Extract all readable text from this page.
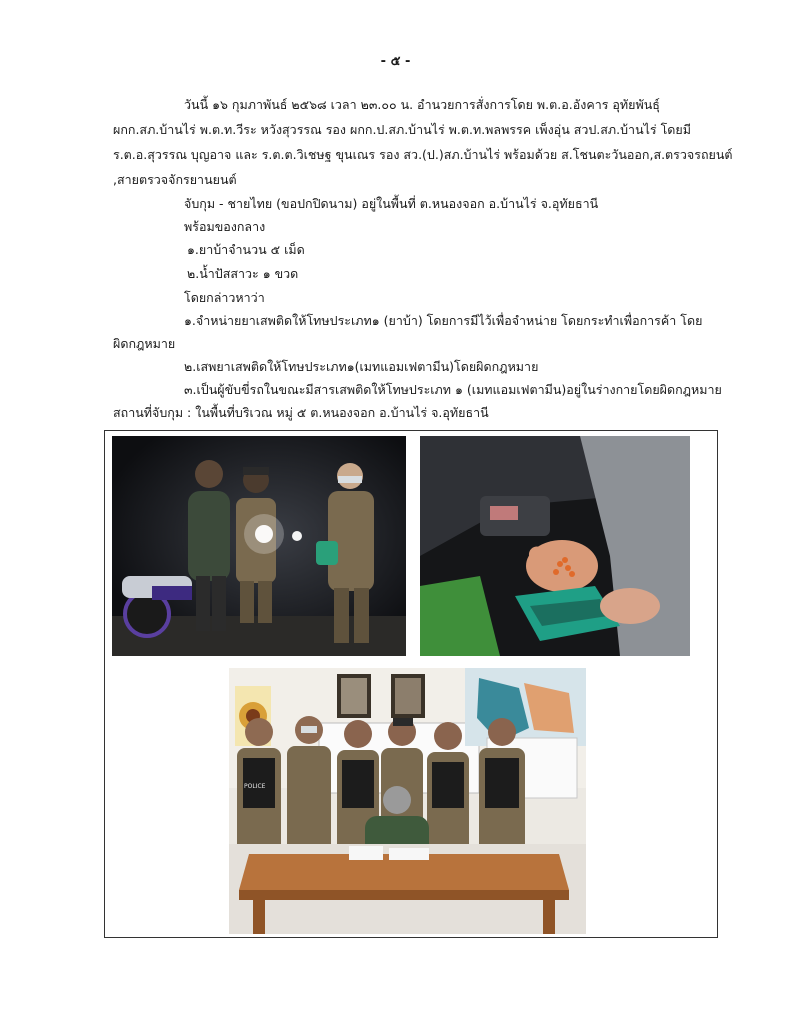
- ๕ -
วันนี้ ๑๖ กุมภาพันธ์ ๒๕๖๘ เวลา ๒๓.๐๐ น. อำนวยการสั่งการโดย พ.ต.อ.อังคาร อุทัยพันธุ์
ผกก.สภ.บ้านไร่ พ.ต.ท.วีระ หวังสุวรรณ รอง ผกก.ป.สภ.บ้านไร่ พ.ต.ท.พลพรรค เพ็งอุ่น สวป.สภ.บ้านไร่ โดยมี
ร.ต.อ.สุวรรณ บุญอาจ และ ร.ต.ต.วิเชษฐ ขุนเณร รอง สว.(ป.)สภ.บ้านไร่ พร้อมด้วย ส.โชนตะวันออก,ส.ตรวจรถยนต์
,สายตรวจจักรยานยนต์
จับกุม - ชายไทย (ขอปกปิดนาม) อยู่ในพื้นที่ ต.หนองจอก อ.บ้านไร่ จ.อุทัยธานี
พร้อมของกลาง
๑.ยาบ้าจำนวน ๕ เม็ด
๒.น้ำปัสสาวะ ๑ ขวด
โดยกล่าวหาว่า
๑.จำหน่ายยาเสพติดให้โทษประเภท๑ (ยาบ้า) โดยการมีไว้เพื่อจำหน่าย โดยกระทำเพื่อการค้า โดย
ผิดกฎหมาย
๒.เสพยาเสพติดให้โทษประเภท๑(เมทแอมเฟตามีน)โดยผิดกฎหมาย
๓.เป็นผู้ขับขี่รถในขณะมีสารเสพติดให้โทษประเภท ๑ (เมทแอมเฟตามีน)อยู่ในร่างกายโดยผิดกฎหมาย
สถานที่จับกุม : ในพื้นที่บริเวณ หมู่ ๕ ต.หนองจอก อ.บ้านไร่ จ.อุทัยธานี
POLICE
